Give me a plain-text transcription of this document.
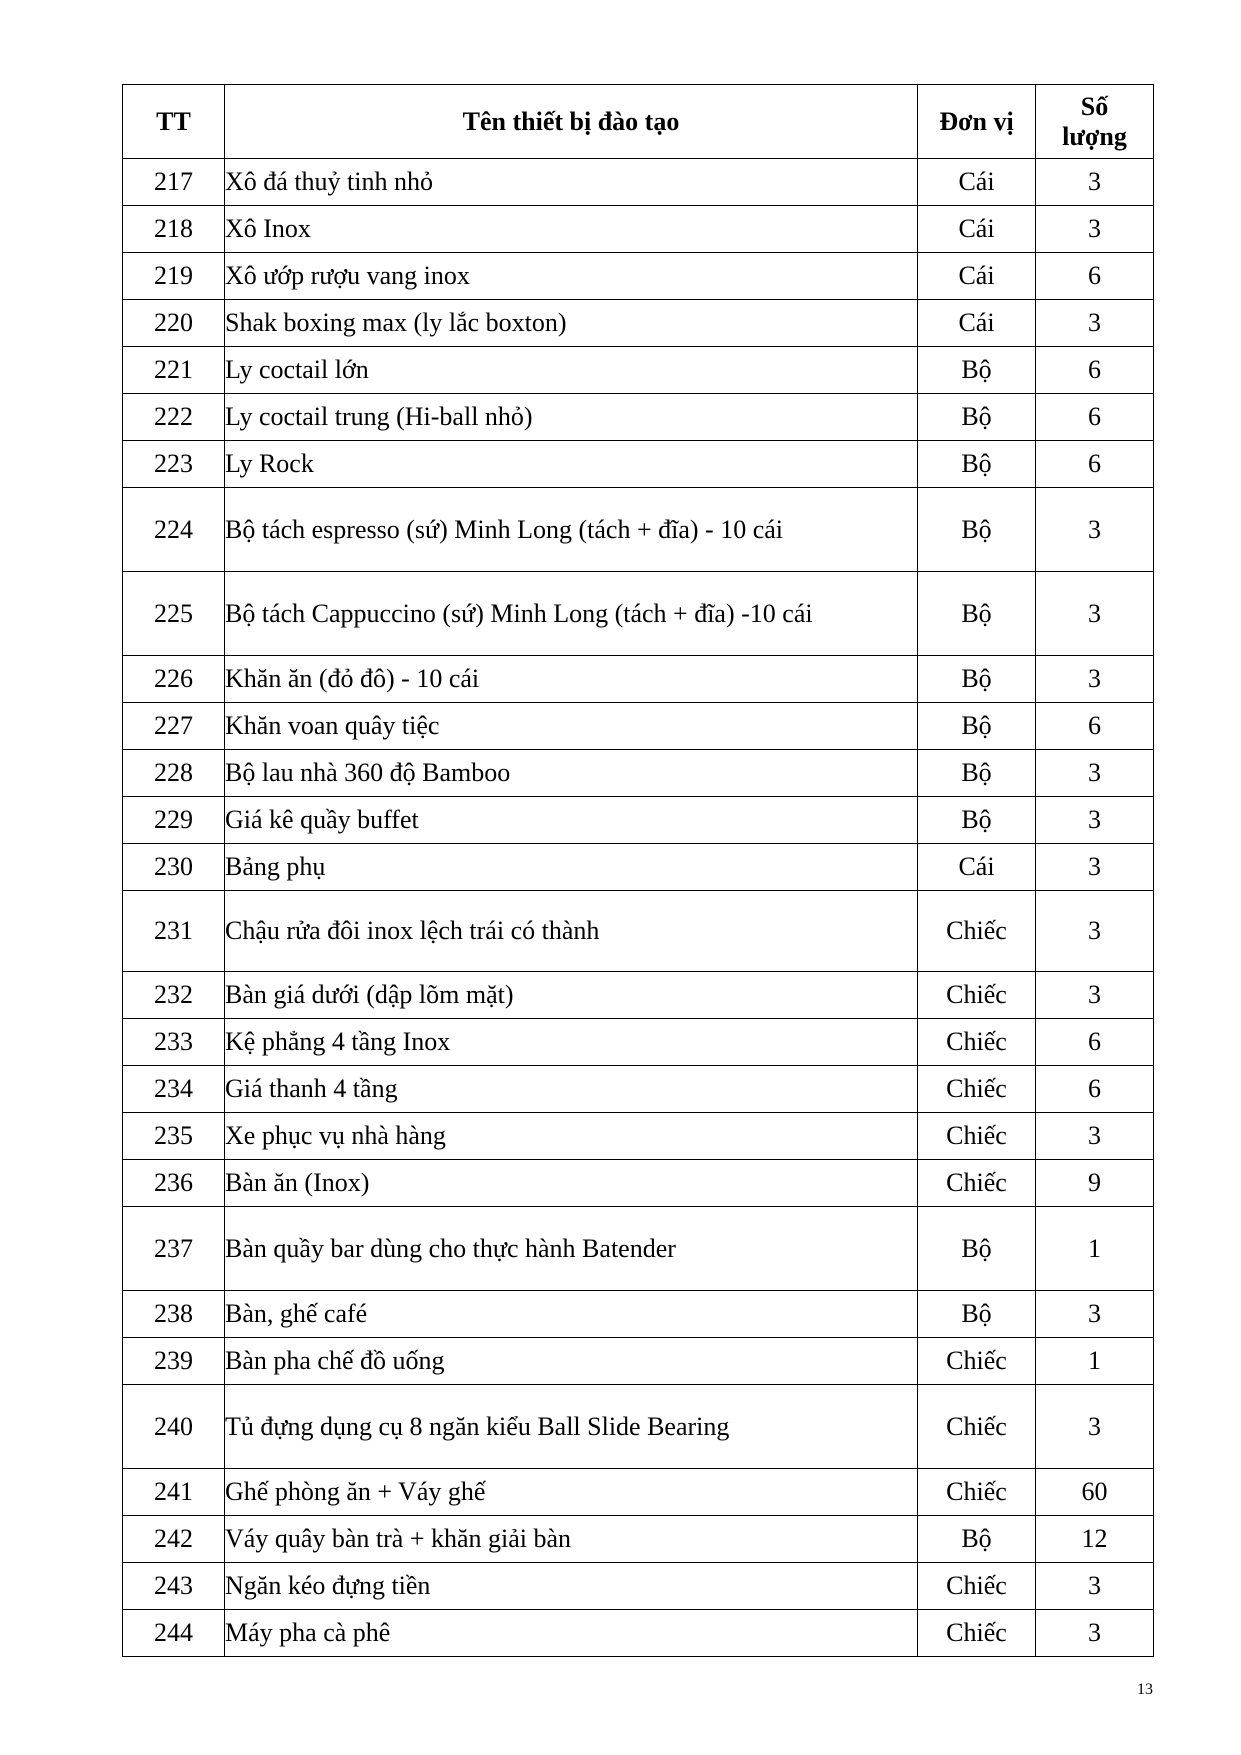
TT	Tên thiết bị đào tạo	Đơn vị	Số
lượng
217	Xô đá thuỷ tinh nhỏ	Cái	3
218	Xô Inox	Cái	3
219	Xô ướp rượu vang inox	Cái	6
220	Shak boxing max (ly lắc boxton)	Cái	3
221	Ly coctail lớn	Bộ	6
222	Ly coctail trung (Hi-ball nhỏ)	Bộ	6
223	Ly Rock	Bộ	6
224	Bộ tách espresso (sứ) Minh Long (tách + đĩa) - 10 cái	Bộ	3
225	Bộ tách Cappuccino (sứ) Minh Long (tách + đĩa) -10 cái	Bộ	3
226	Khăn ăn (đỏ đô) - 10 cái	Bộ	3
227	Khăn voan quây tiệc	Bộ	6
228	Bộ lau nhà 360 độ Bamboo	Bộ	3
229	Giá kê quầy buffet	Bộ	3
230	Bảng phụ	Cái	3
231	Chậu rửa đôi inox lệch trái có thành	Chiếc	3
232	Bàn giá dưới (dập lõm mặt)	Chiếc	3
233	Kệ phẳng 4 tầng Inox	Chiếc	6
234	Giá thanh 4 tầng	Chiếc	6
235	Xe phục vụ nhà hàng	Chiếc	3
236	Bàn ăn (Inox)	Chiếc	9
237	Bàn quầy bar dùng cho thực hành Batender	Bộ	1
238	Bàn, ghế café	Bộ	3
239	Bàn pha chế đồ uống	Chiếc	1
240	Tủ đựng dụng cụ 8 ngăn kiểu Ball Slide Bearing	Chiếc	3
241	Ghế phòng ăn + Váy ghế	Chiếc	60
242	Váy quây bàn trà + khăn giải bàn	Bộ	12
243	Ngăn kéo đựng tiền	Chiếc	3
244	Máy pha cà phê	Chiếc	3
13
